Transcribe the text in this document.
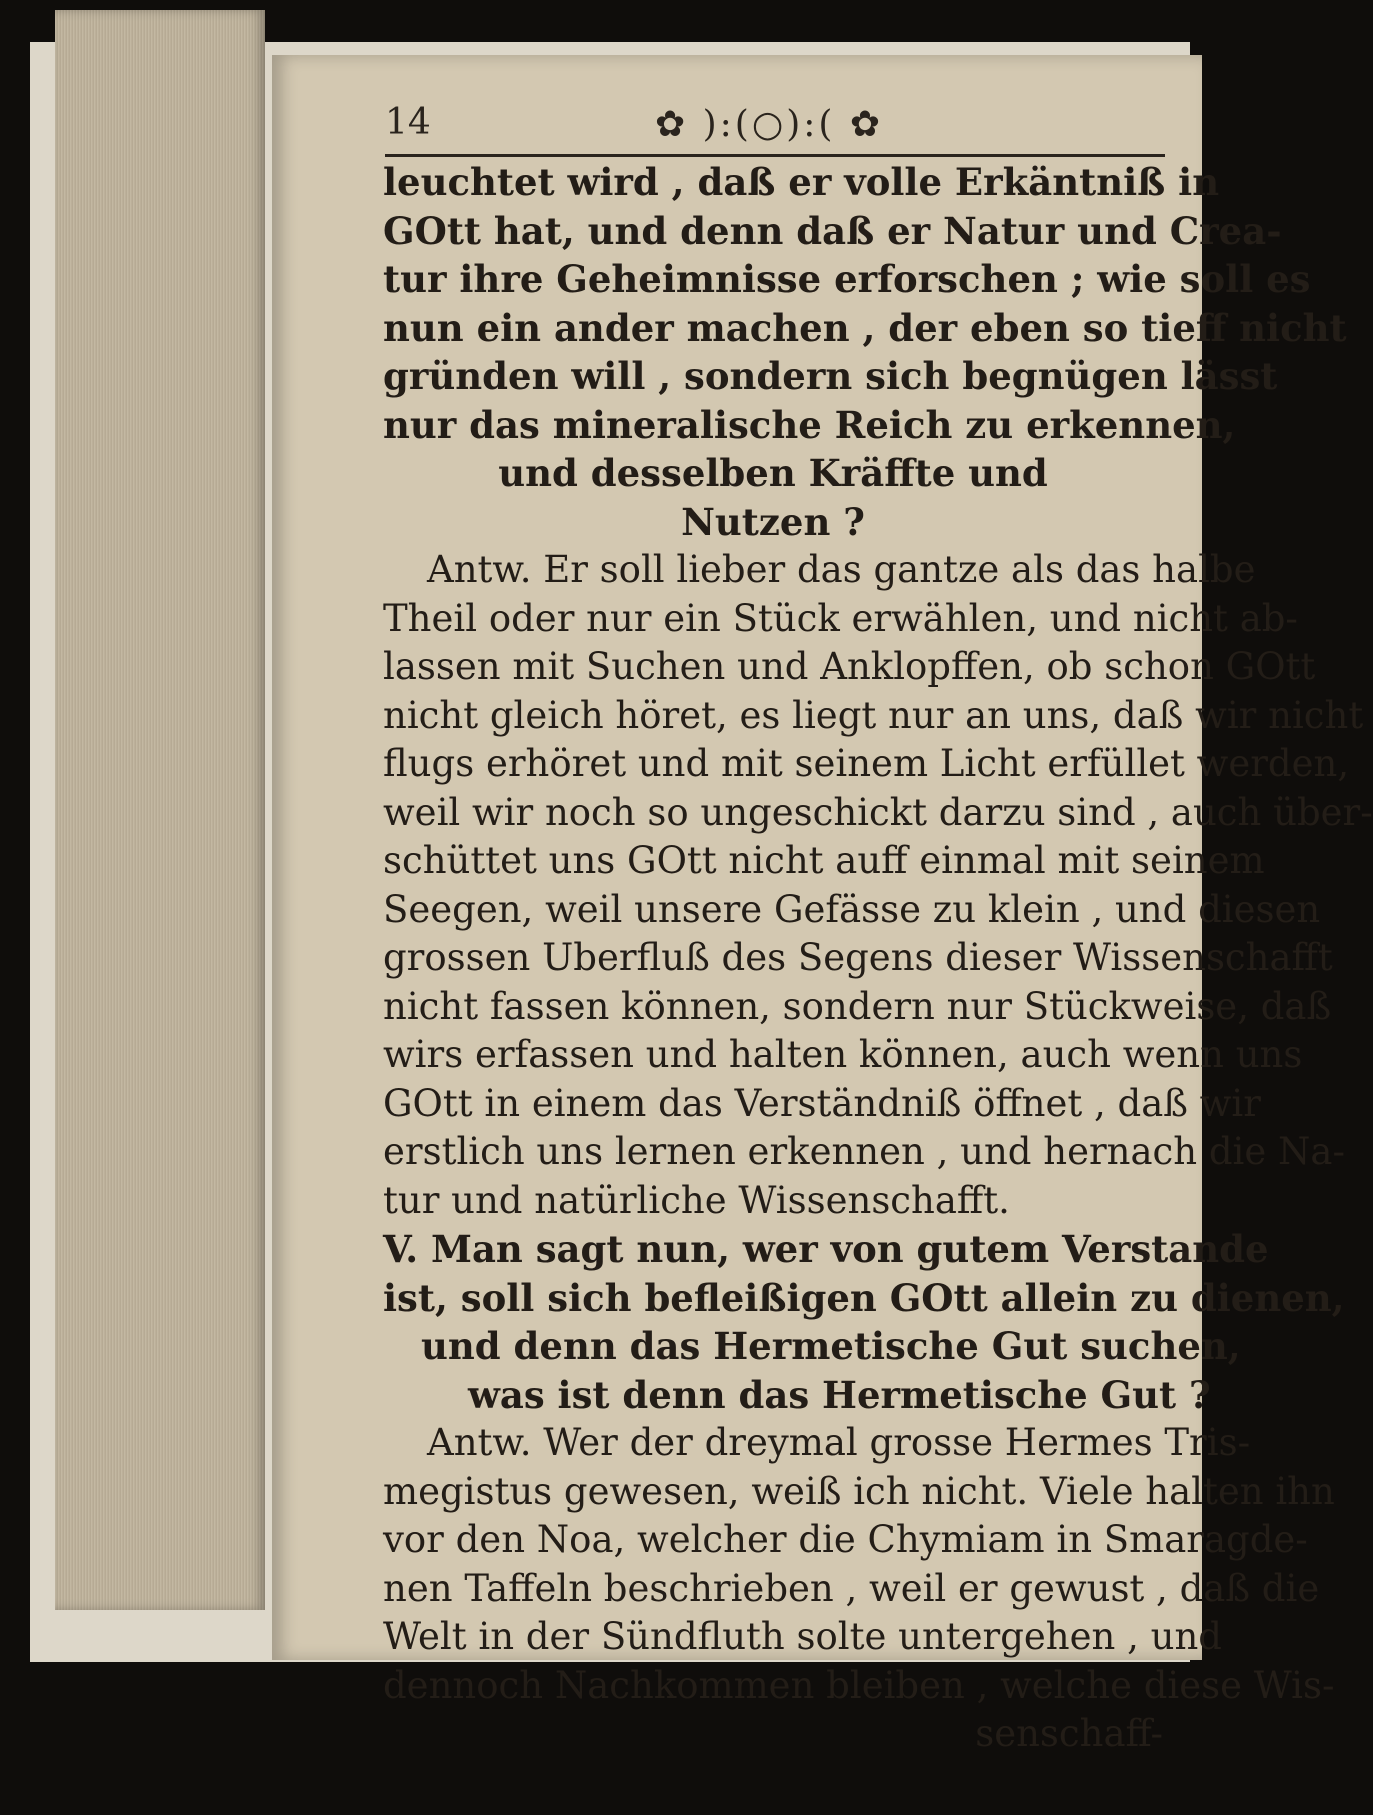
14	✿ ):(○):( ✿

leuchtet wird , daß er volle Erkäntniß in

GOtt hat, und denn daß er Natur und Crea-

tur ihre Geheimnisse erforschen ; wie soll es

nun ein ander machen , der eben so tieff nicht

gründen will , sondern sich begnügen lässt

nur das mineralische Reich zu erkennen,

und desselben Kräffte und

Nutzen ?

Antw. Er soll lieber das gantze als das halbe

Theil oder nur ein Stück erwählen, und nicht ab-

lassen mit Suchen und Anklopffen, ob schon GOtt

nicht gleich höret, es liegt nur an uns, daß wir nicht

flugs erhöret und mit seinem Licht erfüllet werden,

weil wir noch so ungeschickt darzu sind , auch über-

schüttet uns GOtt nicht auff einmal mit seinem

Seegen, weil unsere Gefässe zu klein , und diesen

grossen Uberfluß des Segens dieser Wissenschafft

nicht fassen können, sondern nur Stückweise, daß

wirs erfassen und halten können, auch wenn uns

GOtt in einem das Verständniß öffnet , daß wir

erstlich uns lernen erkennen , und hernach die Na-

tur und natürliche Wissenschafft.

V. Man sagt nun, wer von gutem Verstande

ist, soll sich befleißigen GOtt allein zu dienen,

und denn das Hermetische Gut suchen,

was ist denn das Hermetische Gut ?

Antw. Wer der dreymal grosse Hermes Tris-

megistus gewesen, weiß ich nicht. Viele halten ihn

vor den Noa, welcher die Chymiam in Smaragde-

nen Taffeln beschrieben , weil er gewust , daß die

Welt in der Sündfluth solte untergehen , und

dennoch Nachkommen bleiben , welche diese Wis-

senschaff-
